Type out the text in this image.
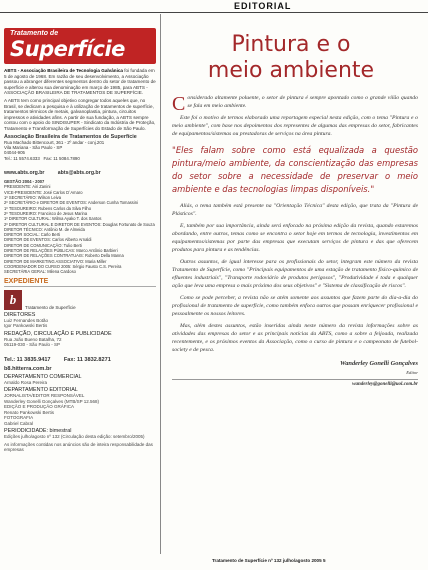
EDITORIAL
Tratamento de
Superfície

ABTS - Associação Brasileira de Tecnologia Galvânica foi fundada em 5 de agosto de 1968. Em razão de seu desenvolvimento, a Associação passou a abranger diferentes segmentos dentro do setor de tratamento de superfície e alterou sua denominação em março de 1985, para ABTS - ASSOCIAÇÃO BRASILEIRA DE TRATAMENTOS DE SUPERFÍCIE.

A ABTS tem como principal objetivo congregar todos aqueles que, no Brasil, se dedicam a pesquisa e à utilização de tratamentos de superfície, tratamentos térmicos de metais, galvanoplastia, pintura, circuitos impressos e atividades afins. A partir de sua fundação, a ABTS sempre contou com o apoio do SINDISUPER - Sindicato da Indústria de Proteção, Tratamento e Transformação de Superfícies do Estado de São Paulo.

Associação Brasileira de Tratamentos de Superfície
Rua Machado Bittencourt, 361 - 2º andar - conj.201
Vila Mariana - São Paulo - SP
04044-905
Tel.: 11 5574.6333 Fax: 11 5084.7890
www.abts.org.br	abts@abts.org.br
GESTÃO 2004 - 2007
PRESIDENTE: Airi Zanini
VICE-PRESIDENTE: José Carlos D´Amaro
1º SECRETÁRIO: Wilson Leiva
2º SECRETÁRIO e DIRETOR DE EVENTOS: Anderson Cunha Tomassini
1º TESOUREIRO: Rubens Carlos da Silva Filho
2º TESOUREIRO: Francisco de Jesus Marina
1º DIRETOR CULTURAL: Wilma Ayako T. dos Santos
2º DIRETOR CULTURAL E DIRETOR DE EVENTOS: Douglas Fortunato de Souza
DIRETOR TÉCNICO: Antônio M. de Almeida
DIRETOR SOCIAL: Carlo Berti
DIRETOR DE EVENTOS: Carlos Alberto Arnaldi
DIRETOR DE COMUNICAÇÃO: Tulio Berti
DIRETOR DE RELAÇÕES PÚBLICAS: Marco Antônio Barbieri
DIRETOR DE RELAÇÕES CONTRATUAIS: Roberto Della Manna
DIRETOR DE MARKETING ASSOCIATIVO: Maria Miller
COORDENADOR DO CURSO 2005: Sérgio Fausto C.S. Pereira
SECRETÁRIA GERAL: Milena Cardoso
EXPEDIENTE
b
Tratamento de Superfície
DIRETORES
Luiz Fernandes Botão
Igor Pankowski Bertis
REDAÇÃO, CIRCULAÇÃO E PUBLICIDADE
Rua João Bueno Batalha, 72
05119-030 - São Paulo - SP
Tel.: 11 3835.9417 Fax: 11 3832.8271
b8.hitterra.com.br
DEPARTAMENTO COMERCIAL
Arnaldo Rosa Pereira
DEPARTAMENTO EDITORIAL
JORNALISTA/EDITOR RESPONSÁVEL
Wanderley Gonelli Gonçalves (MTB/SP 12.568)
EDIÇÃO E PRODUÇÃO GRÁFICA
Renato Pankowski Bertis
FOTOGRAFIA
Gabriel Cabral
PERIODICIDADE: bimestral
Edições julho/agosto nº 132 (Circulação desta edição: setembro/2005)
As informações contidas nos anúncios são de inteira responsabilidade das empresas
Pintura e o
meio ambiente

Considerado altamente poluente, o setor de pintura é sempre apontado como o grande vilão quando se fala em meio ambiente.

Este foi o motivo de termos elaborado uma reportagem especial nesta edição, com o tema "Pintura e o meio ambiente", com base nos depoimentos dos representes de algumas das empresas do setor, fabricantes de equipamentos/sistemas ou prestadoras de serviços na área pintura.

"Eles falam sobre como está equalizada a questão pintura/meio ambiente, da conscientização das empresas do setor sobre a necessidade de preservar o meio ambiente e das tecnologias limpas disponíveis."

Aliás, o tema também está presente na "Orientação Técnica" desta edição, que trata da "Pintura de Plásticos".

E, também por sua importância, ainda será enfocado na próxima edição da revista, quando estaremos abordando, entre outros, temas como se encontra o setor hoje em termos de tecnologia, investimentos em equipamentos/sistemas por parte das empresas que executam serviços de pintura e das que oferecem produtos para pintura e as tendências.

Outros assuntos, de igual interesse para os profissionais do setor, integram este número da revista Tratamento de Superfície, como "Principais equipamentos de uma estação de tratamento físico-químico de efluentes industriais", "Transporte rodoviário de produtos perigosos", "Produtividade é toda e qualquer ação que leva uma empresa o mais próximo dos seus objetivos" e "Sistema de classificação de riscos".

Como se pode perceber, a revista não se atém somente aos assuntos que fazem parte do dia-a-dia do profissional de tratamento de superfície, como também enfoca outros que possam enriquecer profissional e pessoalmente os nossos leitores.

Mas, além destes assuntos, estão inseridas ainda neste número da revista informações sobre as atividades das empresas do setor e as principais notícias da ABTS, como a sobre a feijoada, realizada recentemente, e os próximos eventos da Associação, como o curso de pintura e o campeonato de futebol-society e de pesca.

Wanderley Gonelli Gonçalves
Editor
wanderley@gonelli@uol.com.br
Tratamento de Superfície nº 132 julho/agosto 2005 5
